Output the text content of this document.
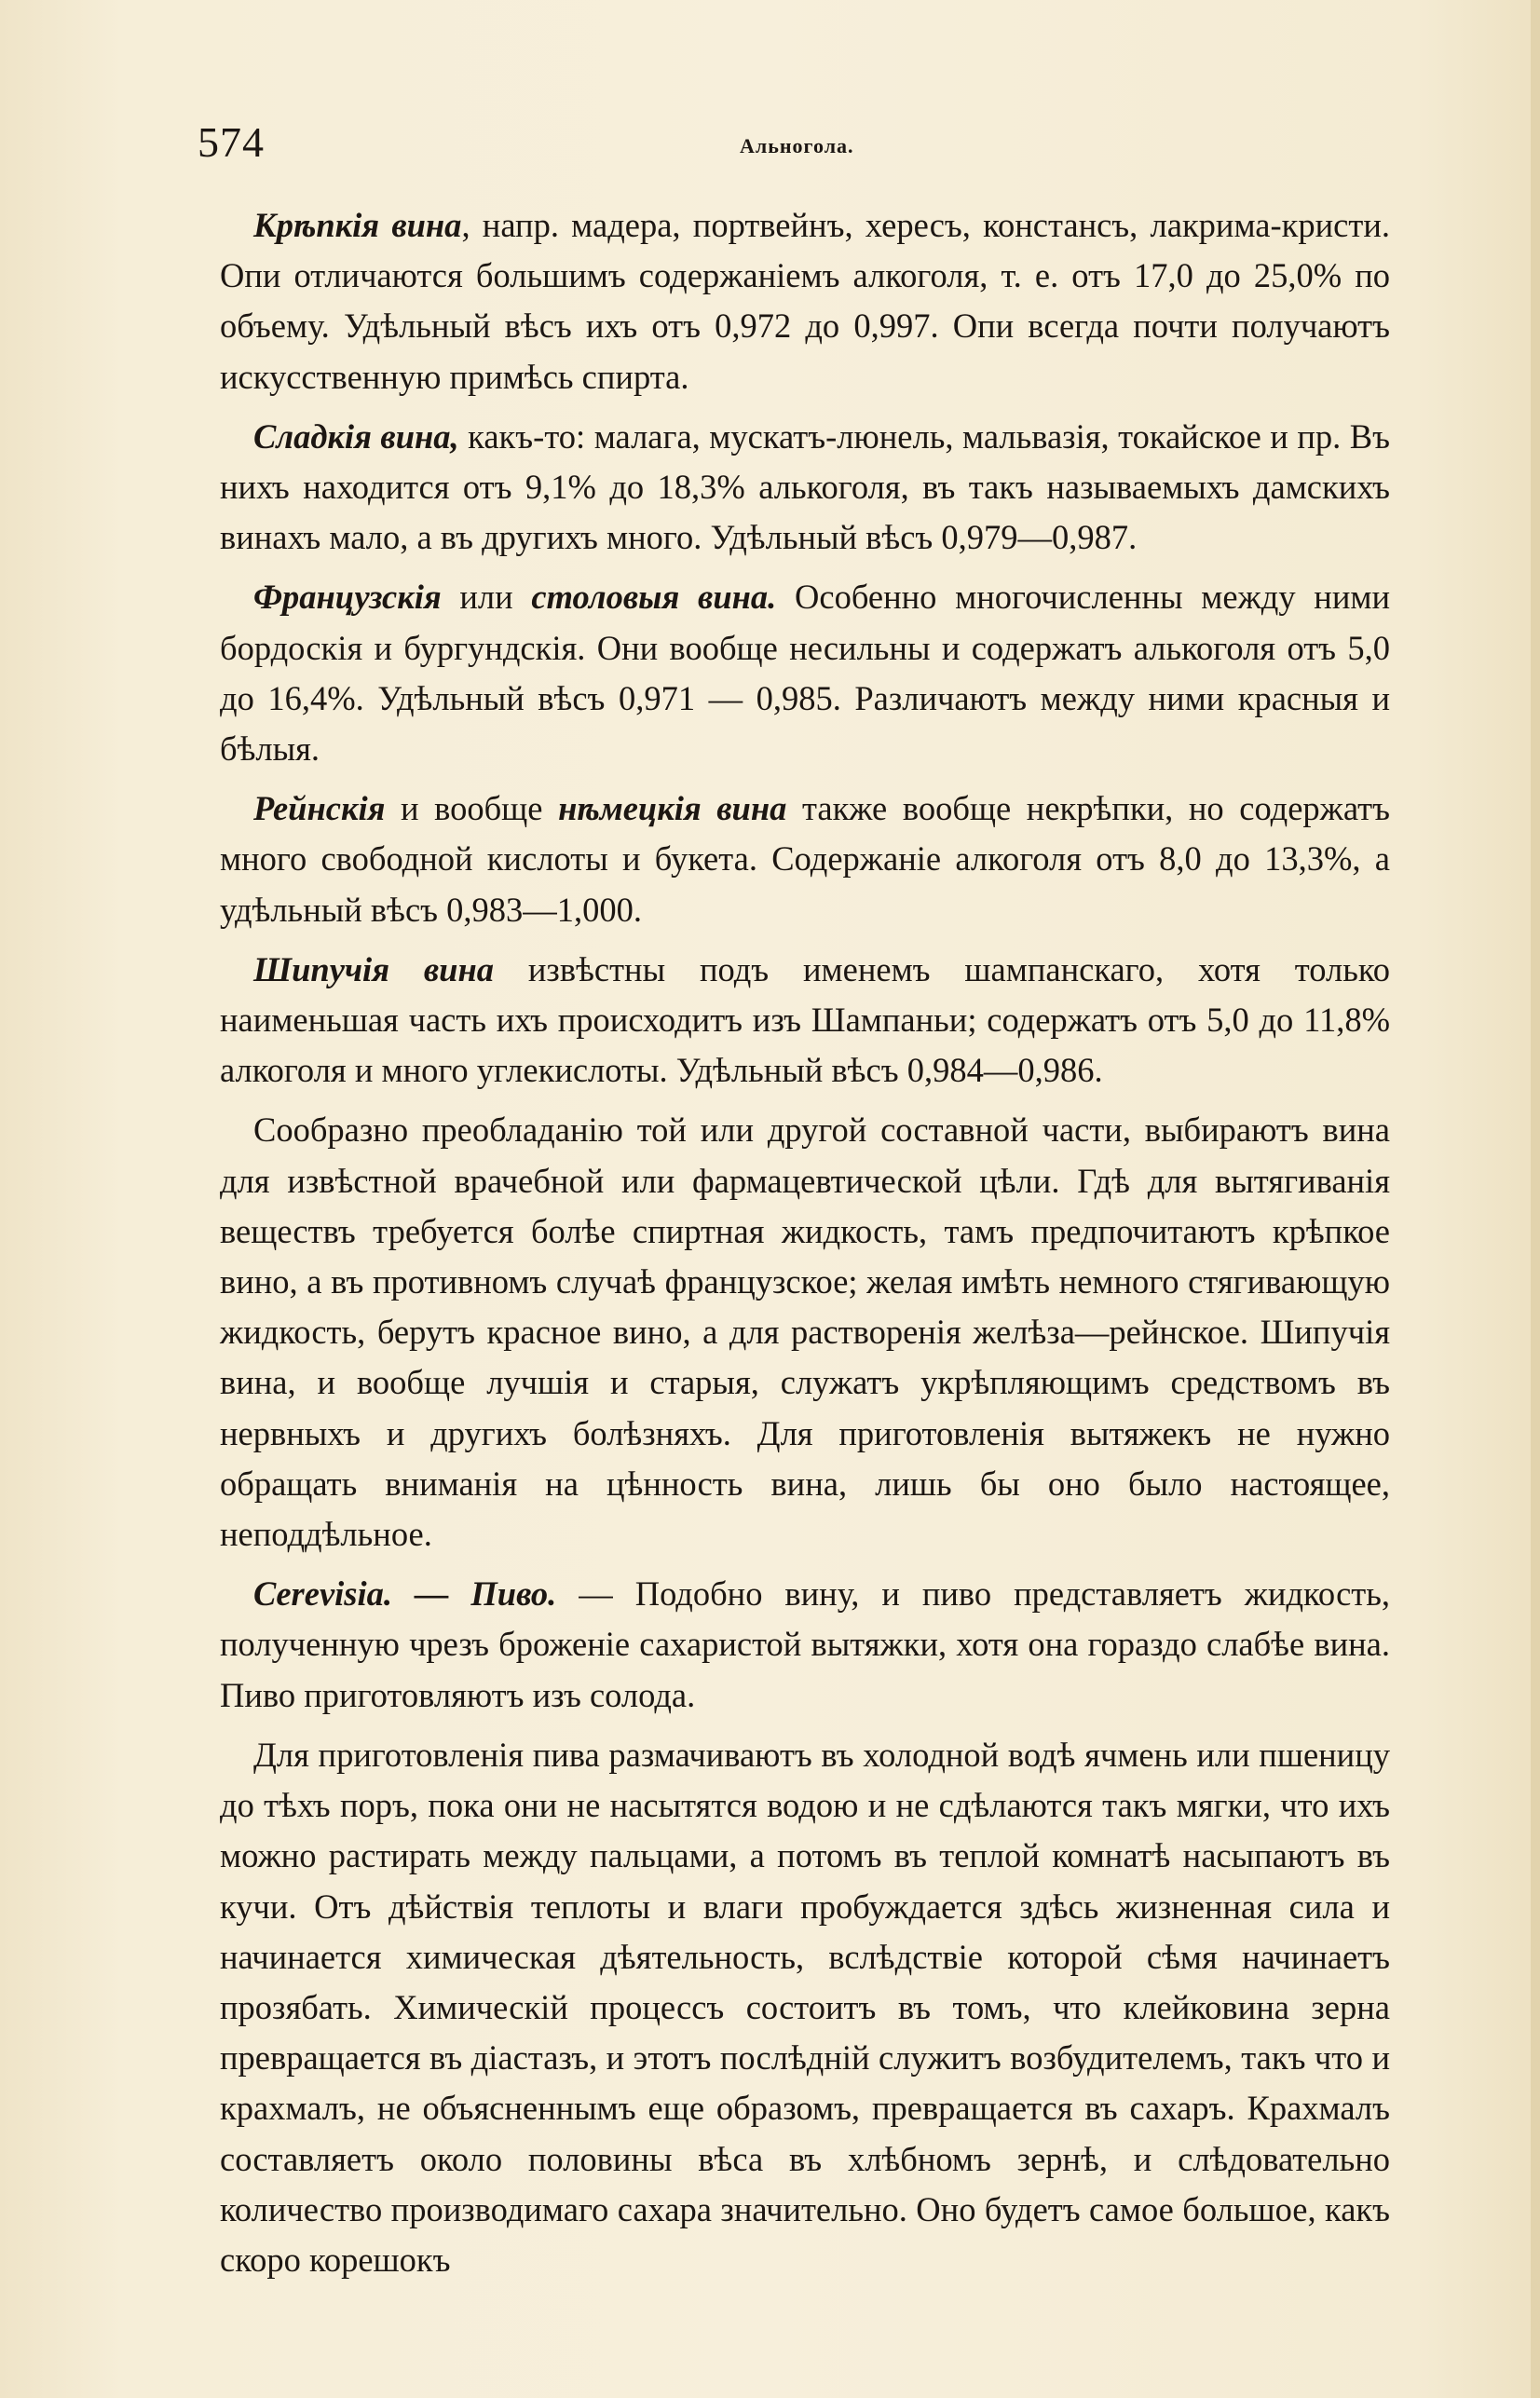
574	Альногола.

Крѣпкія вина, напр. мадера, портвейнъ, хересъ, констансъ, лакрима-кристи. Опи отличаются большимъ содержаніемъ алкоголя, т. е. отъ 17,0 до 25,0% по объему. Удѣльный вѣсъ ихъ отъ 0,972 до 0,997. Опи всегда почти получаютъ искусственную примѣсь спирта.

Сладкія вина, какъ-то: малага, мускатъ-люнель, мальвазія, токайское и пр. Въ нихъ находится отъ 9,1% до 18,3% алькоголя, въ такъ называемыхъ дамскихъ винахъ мало, а въ другихъ много. Удѣльный вѣсъ 0,979—0,987.

Французскія или столовыя вина. Особенно многочисленны между ними бордоскія и бургундскія. Они вообще несильны и содержатъ алькоголя отъ 5,0 до 16,4%. Удѣльный вѣсъ 0,971 — 0,985. Различаютъ между ними красныя и бѣлыя.

Рейнскія и вообще нѣмецкія вина также вообще некрѣпки, но содержатъ много свободной кислоты и букета. Содержаніе алкоголя отъ 8,0 до 13,3%, а удѣльный вѣсъ 0,983—1,000.

Шипучія вина извѣстны подъ именемъ шампанскаго, хотя только наименьшая часть ихъ происходитъ изъ Шампаньи; содержатъ отъ 5,0 до 11,8% алкоголя и много углекислоты. Удѣльный вѣсъ 0,984—0,986.

Сообразно преобладанію той или другой составной части, выбираютъ вина для извѣстной врачебной или фармацевтической цѣли. Гдѣ для вытягиванія веществъ требуется болѣе спиртная жидкость, тамъ предпочитаютъ крѣпкое вино, а въ противномъ случаѣ французское; желая имѣть немного стягивающую жидкость, берутъ красное вино, а для растворенія желѣза—рейнское. Шипучія вина, и вообще лучшія и старыя, служатъ укрѣпляющимъ средствомъ въ нервныхъ и другихъ болѣзняхъ. Для приготовленія вытяжекъ не нужно обращать вниманія на цѣнность вина, лишь бы оно было настоящее, неподдѣльное.

Cerevisia. — Пиво. — Подобно вину, и пиво представляетъ жидкость, полученную чрезъ броженіе сахаристой вытяжки, хотя она гораздо слабѣе вина. Пиво приготовляютъ изъ солода.

Для приготовленія пива размачиваютъ въ холодной водѣ ячмень или пшеницу до тѣхъ поръ, пока они не насытятся водою и не сдѣлаются такъ мягки, что ихъ можно растирать между пальцами, а потомъ въ теплой комнатѣ насыпаютъ въ кучи. Отъ дѣйствія теплоты и влаги пробуждается здѣсь жизненная сила и начинается химическая дѣятельность, вслѣдствіе которой сѣмя начинаетъ прозябать. Химическій процессъ состоитъ въ томъ, что клейковина зерна превращается въ діастазъ, и этотъ послѣдній служитъ возбудителемъ, такъ что и крахмалъ, не объясненнымъ еще образомъ, превращается въ сахаръ. Крахмалъ составляетъ около половины вѣса въ хлѣбномъ зернѣ, и слѣдовательно количество производимаго сахара значительно. Оно будетъ самое большое, какъ скоро корешокъ
